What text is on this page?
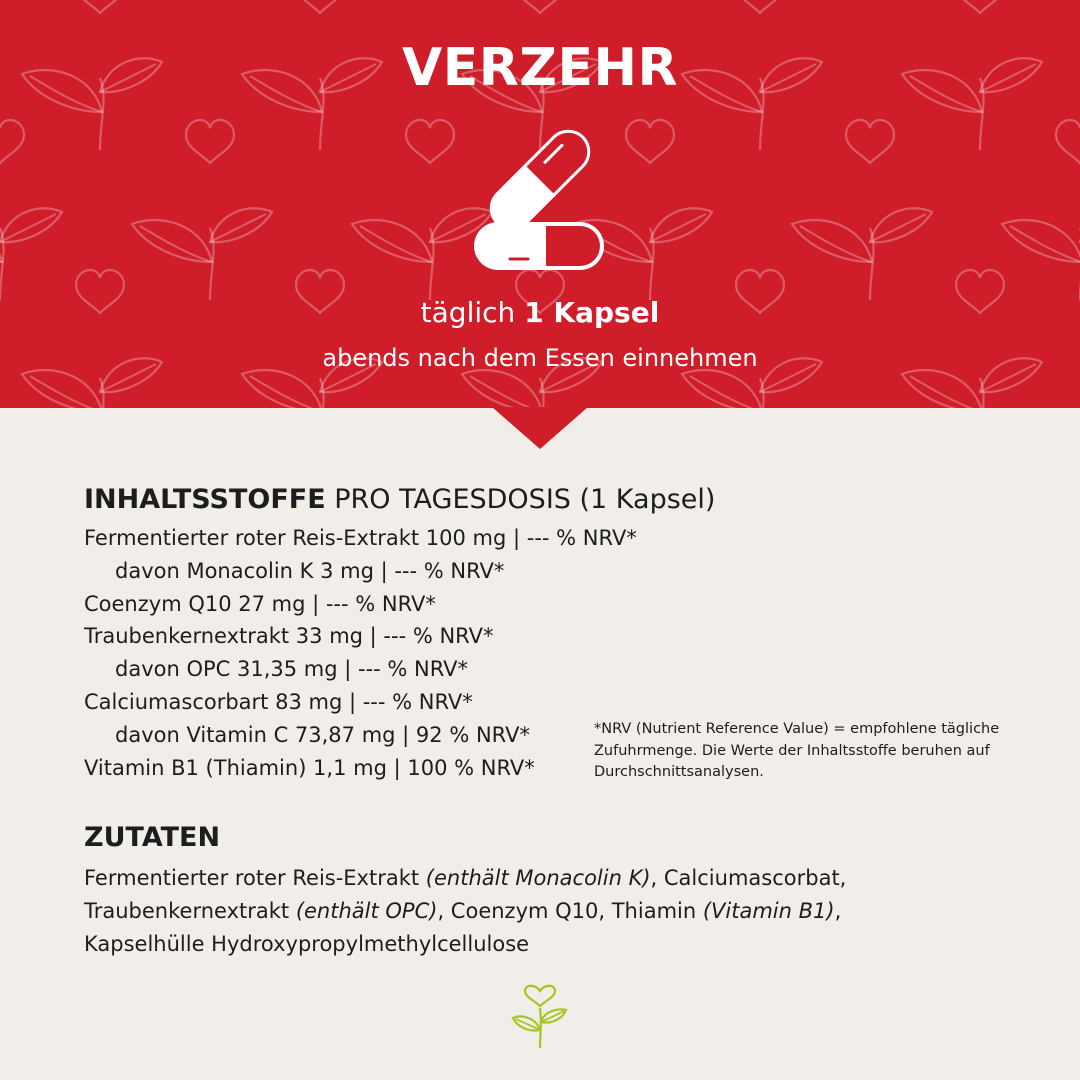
VERZEHR
täglich 1 Kapsel
abends nach dem Essen einnehmen
INHALTSSTOFFE PRO TAGESDOSIS (1 Kapsel)
Fermentierter roter Reis-Extrakt 100 mg | --- % NRV*
davon Monacolin K 3 mg | --- % NRV*
Coenzym Q10 27 mg | --- % NRV*
Traubenkernextrakt 33 mg | --- % NRV*
davon OPC 31,35 mg | --- % NRV*
Calciumascorbart 83 mg | --- % NRV*
davon Vitamin C 73,87 mg | 92 % NRV*
Vitamin B1 (Thiamin) 1,1 mg | 100 % NRV*
*NRV (Nutrient Reference Value) = empfohlene tägliche
Zufuhrmenge. Die Werte der Inhaltsstoffe beruhen auf
Durchschnittsanalysen.
ZUTATEN
Fermentierter roter Reis-Extrakt (enthält Monacolin K), Calciumascorbat,
Traubenkernextrakt (enthält OPC), Coenzym Q10, Thiamin (Vitamin B1),
Kapselhülle Hydroxypropylmethylcellulose
